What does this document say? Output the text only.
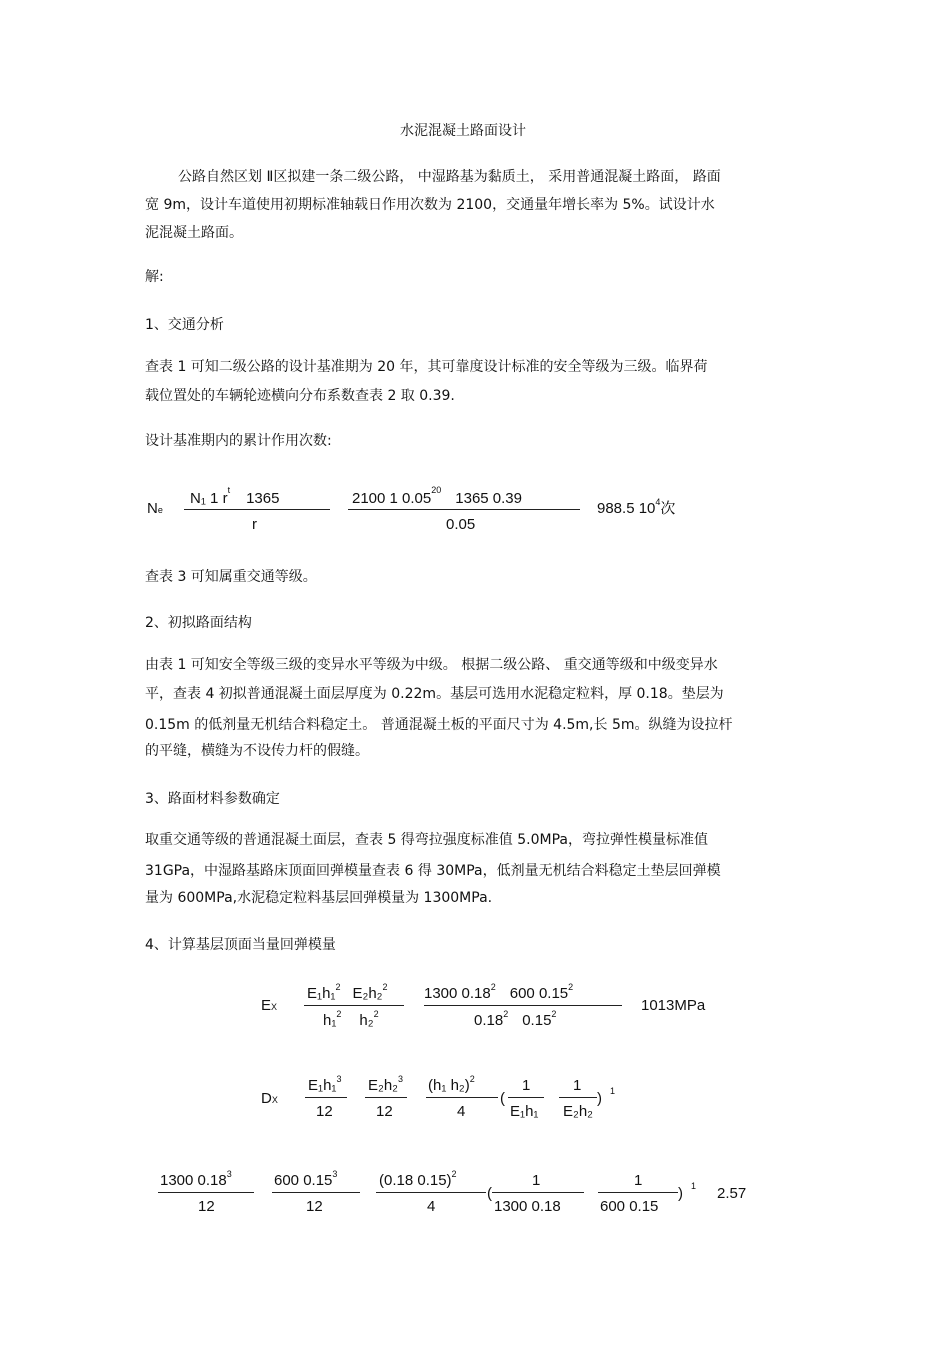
水泥混凝土路面设计
公路自然区划 Ⅱ区拟建一条二级公路， 中湿路基为黏质土， 采用普通混凝土路面， 路面
宽 9m，设计车道使用初期标准轴载日作用次数为 2100，交通量年增长率为 5%。试设计水
泥混凝土路面。
解:
1、交通分析
查表 1 可知二级公路的设计基准期为 20 年，其可靠度设计标准的安全等级为三级。临界荷
载位置处的车辆轮迹横向分布系数查表 2 取 0.39.
设计基准期内的累计作用次数:
Ne
N₁ 1 $r^t$ 1365
r
2100 1 0.05$^{20}$ 1365 0.39
0.05
988.5 $10^4$次
查表 3 可知属重交通等级。
2、初拟路面结构
由表 1 可知安全等级三级的变异水平等级为中级。 根据二级公路、 重交通等级和中级变异水
平，查表 4 初拟普通混凝土面层厚度为 0.22m。基层可选用水泥稳定粒料，厚 0.18。垫层为
0.15m 的低剂量无机结合料稳定土。 普通混凝土板的平面尺寸为 4.5m,长 5m。纵缝为设拉杆
的平缝，横缝为不设传力杆的假缝。
3、路面材料参数确定
取重交通等级的普通混凝土面层，查表 5 得弯拉强度标准值 5.0MPa，弯拉弹性模量标准值
31GPa，中湿路基路床顶面回弹模量查表 6 得 30MPa，低剂量无机结合料稳定土垫层回弹模
量为 600MPa,水泥稳定粒料基层回弹模量为 1300MPa.
4、计算基层顶面当量回弹模量
EX
E₁h₁$^2$ E₂h₂$^2$
h₁$^2$ h₂$^2$
1300 0.18$^2$ 600 0.15$^2$
0.18$^2$ 0.15$^2$	1013MPa
DX
E₁h₁$^3$
12
E₂h₂$^3$
12
(h₁ h₂)$^2$
4
(
1
E₁h₁
1
E₂h₂
) 1
1300 0.18$^3$
12
600 0.15$^3$
12
(0.18 0.15)$^2$
4
(
1
1300 0.18
1
600 0.15
) 1 2.57
